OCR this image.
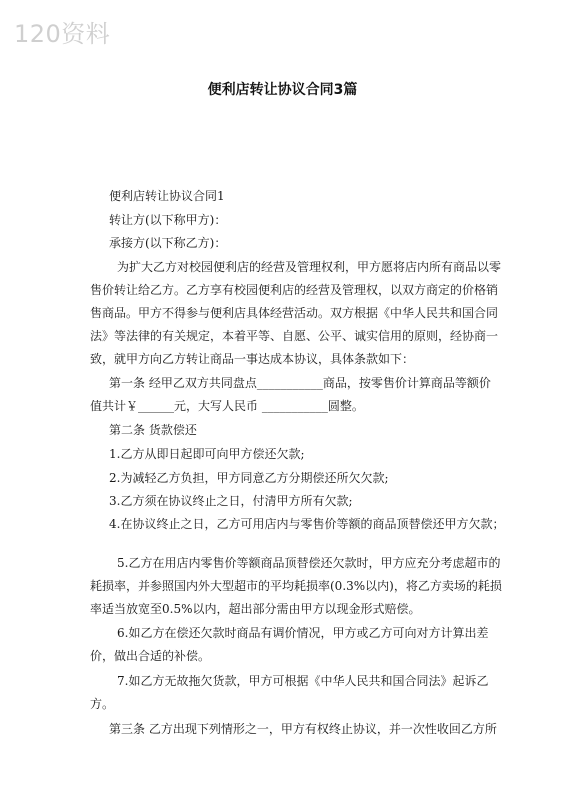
120资料
便利店转让协议合同3篇
便利店转让协议合同1
转让方(以下称甲方)：
承接方(以下称乙方)：
为扩大乙方对校园便利店的经营及管理权利，甲方愿将店内所有商品以零
售价转让给乙方。乙方享有校园便利店的经营及管理权，以双方商定的价格销
售商品。甲方不得参与便利店具体经营活动。双方根据《中华人民共和国合同
法》等法律的有关规定，本着平等、自愿、公平、诚实信用的原则，经协商一
致，就甲方向乙方转让商品一事达成本协议，具体条款如下：
第一条 经甲乙双方共同盘点___________商品，按零售价计算商品等额价
值共计￥______元，大写人民币 ___________圆整。
第二条 货款偿还
1.乙方从即日起即可向甲方偿还欠款;
2.为减轻乙方负担，甲方同意乙方分期偿还所欠欠款;
3.乙方须在协议终止之日，付清甲方所有欠款;
4.在协议终止之日，乙方可用店内与零售价等额的商品顶替偿还甲方欠款；
5.乙方在用店内零售价等额商品顶替偿还欠款时，甲方应充分考虑超市的
耗损率，并参照国内外大型超市的平均耗损率(0.3%以内)，将乙方卖场的耗损
率适当放宽至0.5%以内，超出部分需由甲方以现金形式赔偿。
6.如乙方在偿还欠款时商品有调价情况，甲方或乙方可向对方计算出差
价，做出合适的补偿。
7.如乙方无故拖欠货款，甲方可根据《中华人民共和国合同法》起诉乙
方。
第三条 乙方出现下列情形之一，甲方有权终止协议，并一次性收回乙方所
